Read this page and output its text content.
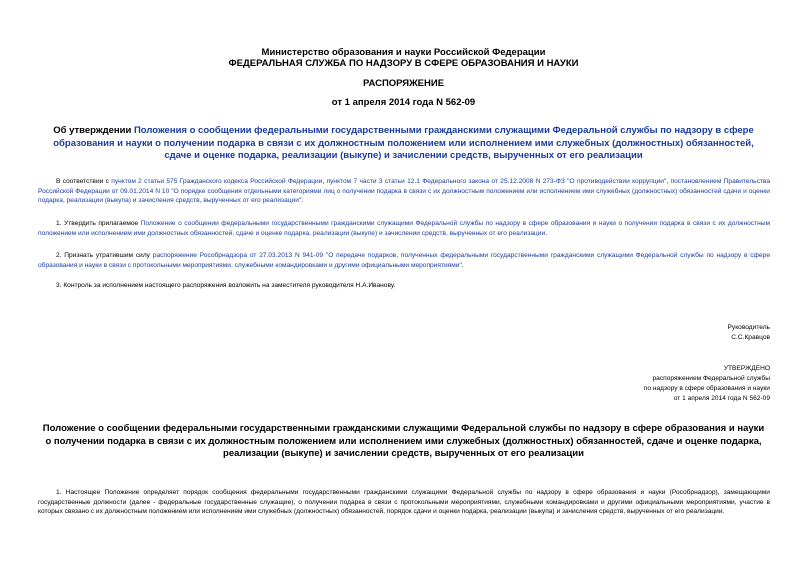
Министерство образования и науки Российской Федерации
ФЕДЕРАЛЬНАЯ СЛУЖБА ПО НАДЗОРУ В СФЕРЕ ОБРАЗОВАНИЯ И НАУКИ
РАСПОРЯЖЕНИЕ
от 1 апреля 2014 года N 562-09
Об утверждении Положения о сообщении федеральными государственными гражданскими служащими Федеральной службы по надзору в сфере образования и науки о получении подарка в связи с их должностным положением или исполнением ими служебных (должностных) обязанностей, сдаче и оценке подарка, реализации (выкупе) и зачислении средств, вырученных от его реализации

В соответствии с пунктом 2 статьи 575 Гражданского кодекса Российской Федерации, пунктом 7 части 3 статьи 12.1 Федерального закона от 25.12.2008 N 273-ФЗ "О противодействии коррупции", постановлением Правительства Российской Федерации от 09.01.2014 N 10 "О порядке сообщения отдельными категориями лиц о получении подарка в связи с их должностным положением или исполнением ими служебных (должностных) обязанностей сдачи и оценки подарка, реализации (выкупа) и зачисления средств, вырученных от его реализации":

1. Утвердить прилагаемое Положение о сообщении федеральными государственными гражданскими служащими Федеральной службы по надзору в сфере образования и науки о получении подарка в связи с их должностным положением или исполнением ими должностных обязанностей, сдаче и оценке подарка, реализации (выкупе) и зачислении средств, вырученных от его реализации.

2. Признать утратившим силу распоряжение Рособрнадзора от 27.03.2013 N 941-09 "О передаче подарков, полученных федеральными государственными гражданскими служащими Федеральной службы по надзору в сфере образования и науки в связи с протокольными мероприятиями, служебными командировками и другими официальными мероприятиями".

3. Контроль за исполнением настоящего распоряжения возложить на заместителя руководителя Н.А.Иванову.

Руководитель
С.С.Кравцов
УТВЕРЖДЕНО
распоряжением Федеральной службы
по надзору в сфере образования и науки
от 1 апреля 2014 года N 562-09
Положение о сообщении федеральными государственными гражданскими служащими Федеральной службы по надзору в сфере образования и науки о получении подарка в связи с их должностным положением или исполнением ими служебных (должностных) обязанностей, сдаче и оценке подарка, реализации (выкупе) и зачислении средств, вырученных от его реализации

1. Настоящее Положение определяет порядок сообщения федеральными государственными гражданскими служащими Федеральной службы по надзору в сфере образования и науки (Рособрнадзор), замещающими государственные должности (далее - федеральные государственные служащие), о получении подарка в связи с протокольными мероприятиями, служебными командировками и другими официальными мероприятиями, участие в которых связано с их должностным положением или исполнением ими служебных (должностных) обязанностей, порядок сдачи и оценки подарка, реализации (выкупа) и зачисления средств, вырученных от его реализации.
